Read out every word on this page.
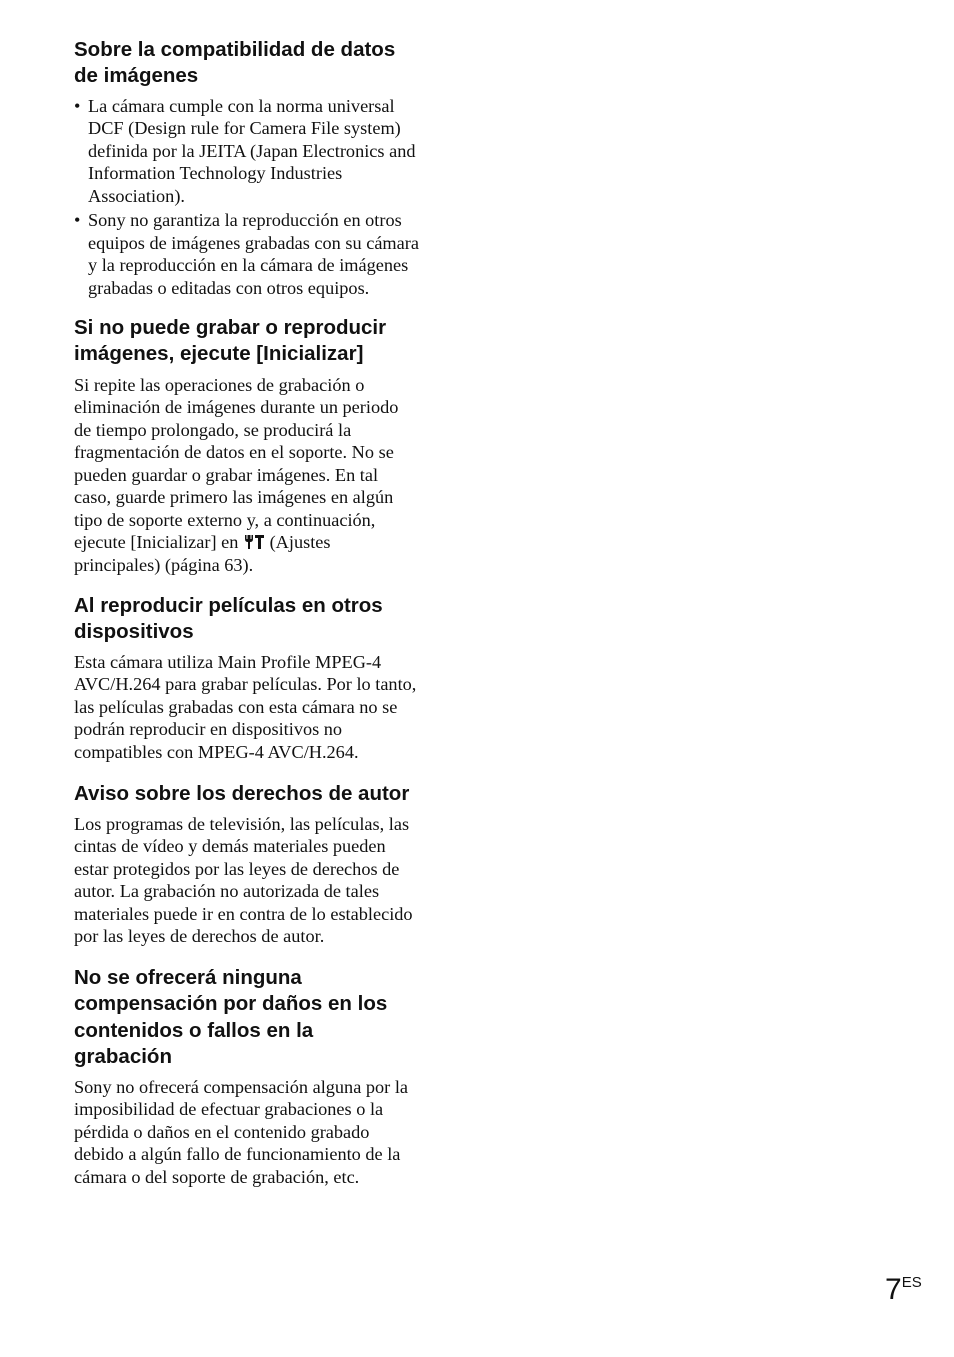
Sobre la compatibilidad de datos
de imágenes
• La cámara cumple con la norma universal
DCF (Design rule for Camera File system)
definida por la JEITA (Japan Electronics and
Information Technology Industries
Association).
• Sony no garantiza la reproducción en otros
equipos de imágenes grabadas con su cámara
y la reproducción en la cámara de imágenes
grabadas o editadas con otros equipos.
Si no puede grabar o reproducir
imágenes, ejecute [Inicializar]
Si repite las operaciones de grabación o
eliminación de imágenes durante un periodo
de tiempo prolongado, se producirá la
fragmentación de datos en el soporte. No se
pueden guardar o grabar imágenes. En tal
caso, guarde primero las imágenes en algún
tipo de soporte externo y, a continuación,
ejecute [Inicializar] en  (Ajustes
principales) (página 63).
Al reproducir películas en otros
dispositivos
Esta cámara utiliza Main Profile MPEG-4
AVC/H.264 para grabar películas. Por lo tanto,
las películas grabadas con esta cámara no se
podrán reproducir en dispositivos no
compatibles con MPEG-4 AVC/H.264.
Aviso sobre los derechos de autor
Los programas de televisión, las películas, las
cintas de vídeo y demás materiales pueden
estar protegidos por las leyes de derechos de
autor. La grabación no autorizada de tales
materiales puede ir en contra de lo establecido
por las leyes de derechos de autor.
No se ofrecerá ninguna
compensación por daños en los
contenidos o fallos en la
grabación
Sony no ofrecerá compensación alguna por la
imposibilidad de efectuar grabaciones o la
pérdida o daños en el contenido grabado
debido a algún fallo de funcionamiento de la
cámara o del soporte de grabación, etc.
$7^{ES}$
